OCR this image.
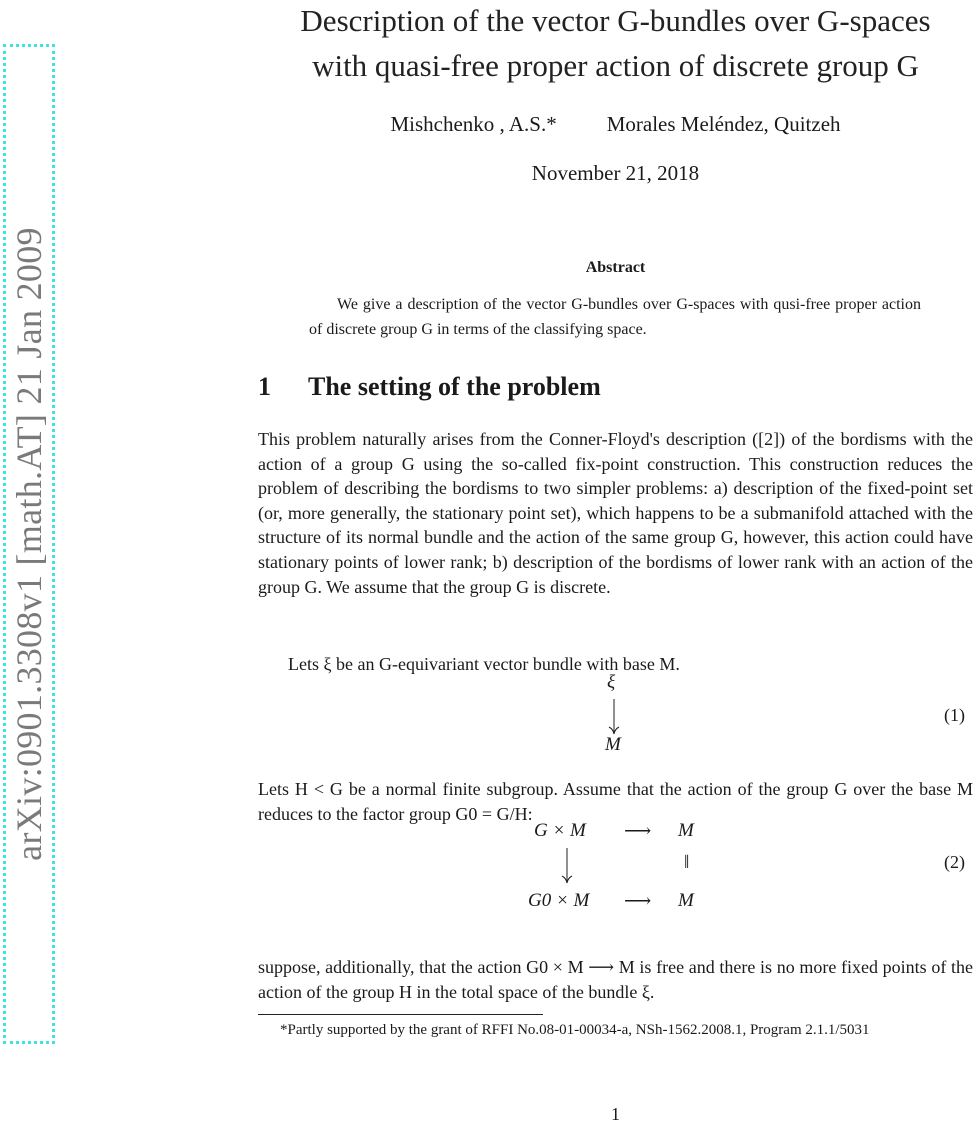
arXiv:0901.3308v1 [math.AT] 21 Jan 2009
Description of the vector G-bundles over G-spaces
with quasi-free proper action of discrete group G
Mishchenko , A.S.* Morales Meléndez, Quitzeh
November 21, 2018
Abstract
We give a description of the vector G-bundles over G-spaces with qusi-free proper action of discrete group G in terms of the classifying space.
1 The setting of the problem
This problem naturally arises from the Conner-Floyd's description ([2]) of the bordisms with the action of a group G using the so-called fix-point construction. This construction reduces the problem of describing the bordisms to two simpler problems: a) description of the fixed-point set (or, more generally, the stationary point set), which happens to be a submanifold attached with the structure of its normal bundle and the action of the same group G, however, this action could have stationary points of lower rank; b) description of the bordisms of lower rank with an action of the group G. We assume that the group G is discrete.
Lets ξ be an G-equivariant vector bundle with base M.
ξ
M
(1)
Lets H < G be a normal finite subgroup. Assume that the action of the group G over the base M reduces to the factor group G0 = G/H:
G × M ⟶ M
‖
G0 × M ⟶ M
(2)
suppose, additionally, that the action G0 × M ⟶ M is free and there is no more fixed points of the action of the group H in the total space of the bundle ξ.
*Partly supported by the grant of RFFI No.08-01-00034-a, NSh-1562.2008.1, Program 2.1.1/5031
1
